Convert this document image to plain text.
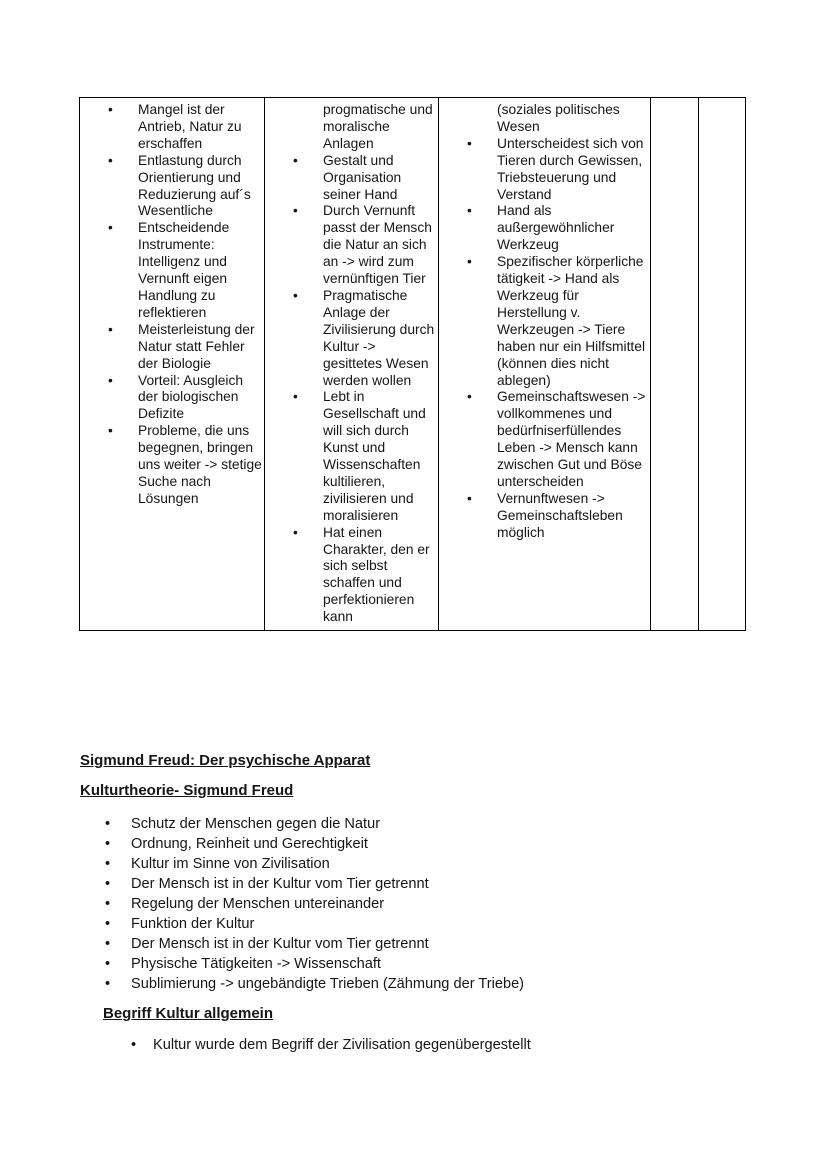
• Mangel ist der Antrieb, Natur zu erschaffen
• Entlastung durch Orientierung und Reduzierung auf´s Wesentliche
• Entscheidende Instrumente: Intelligenz und Vernunft eigen Handlung zu reflektieren
• Meisterleistung der Natur statt Fehler der Biologie
• Vorteil: Ausgleich der biologischen Defizite
• Probleme, die uns begegnen, bringen uns weiter -> stetige Suche nach Lösungen

progmatische und moralische Anlagen
• Gestalt und Organisation seiner Hand
• Durch Vernunft passt der Mensch die Natur an sich an -> wird zum vernünftigen Tier
• Pragmatische Anlage der Zivilisierung durch Kultur -> gesittetes Wesen werden wollen
• Lebt in Gesellschaft und will sich durch Kunst und Wissenschaften kultilieren, zivilisieren und moralisieren
• Hat einen Charakter, den er sich selbst schaffen und perfektionieren kann

(soziales politisches Wesen
• Unterscheidest sich von Tieren durch Gewissen, Triebsteuerung und Verstand
• Hand als außergewöhnlicher Werkzeug
• Spezifischer körperliche tätigkeit -> Hand als Werkzeug für Herstellung v. Werkzeugen -> Tiere haben nur ein Hilfsmittel (können dies nicht ablegen)
• Gemeinschaftswesen -> vollkommenes und bedürfniserfüllendes Leben -> Mensch kann zwischen Gut und Böse unterscheiden
• Vernunftwesen -> Gemeinschaftsleben möglich

Sigmund Freud: Der psychische Apparat
Kulturtheorie- Sigmund Freud
• Schutz der Menschen gegen die Natur
• Ordnung, Reinheit und Gerechtigkeit
• Kultur im Sinne von Zivilisation
• Der Mensch ist in der Kultur vom Tier getrennt
• Regelung der Menschen untereinander
• Funktion der Kultur
• Der Mensch ist in der Kultur vom Tier getrennt
• Physische Tätigkeiten -> Wissenschaft
• Sublimierung -> ungebändigte Trieben (Zähmung der Triebe)
Begriff Kultur allgemein
• Kultur wurde dem Begriff der Zivilisation gegenübergestellt
